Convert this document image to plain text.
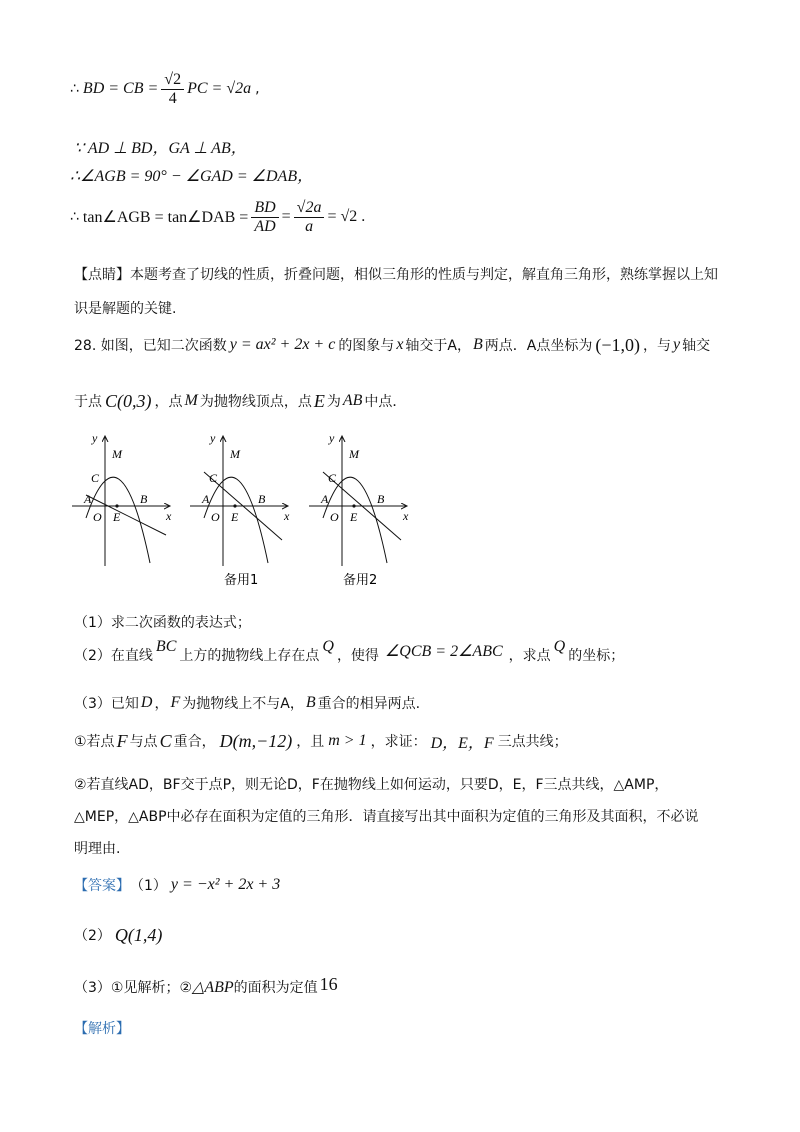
∴ BD = CB = $\frac{√2}{4}$ PC = √2a ,
∵ AD ⊥ BD，GA ⊥ AB，
∴∠AGB = 90° − ∠GAD = ∠DAB，
∴ tan∠AGB = tan∠DAB = $\frac{BD}{AD} = \frac{√2a}{a} = √2$ .
【点睛】本题考查了切线的性质，折叠问题，相似三角形的性质与判定，解直角三角形，熟练掌握以上知
识是解题的关键.
28. 如图，已知二次函数 y = ax² + 2x + c 的图象与 x 轴交于A， B 两点．A点坐标为 (−1,0) ，与 y 轴交
于点 C(0,3) ，点 M 为抛物线顶点，点 E 为 AB 中点．
y
x
M
C
A	B
O E
y
x
M
C
A	B
O E
备用1
y
x
M
C
A	B
O E
备用2
（1）求二次函数的表达式；
（2）在直线
BC
上方的抛物线上存在点
Q
，使得 ∠QCB = 2∠ABC ，求点
Q
的坐标；
（3）已知 D ， F 为抛物线上不与A， B 重合的相异两点.
①若点 F 与点 C 重合， D(m,−12) ，且 m > 1 ，求证： D，E，F 三点共线；
②若直线AD，BF交于点P，则无论D，F在抛物线上如何运动，只要D，E，F三点共线，△AMP，
△MEP，△ABP中必存在面积为定值的三角形．请直接写出其中面积为定值的三角形及其面积，不必说
明理由.
【答案】 （1） y = −x² + 2x + 3
（2） Q(1,4)
（3）①见解析；② △ABP 的面积为定值 16
【解析】
